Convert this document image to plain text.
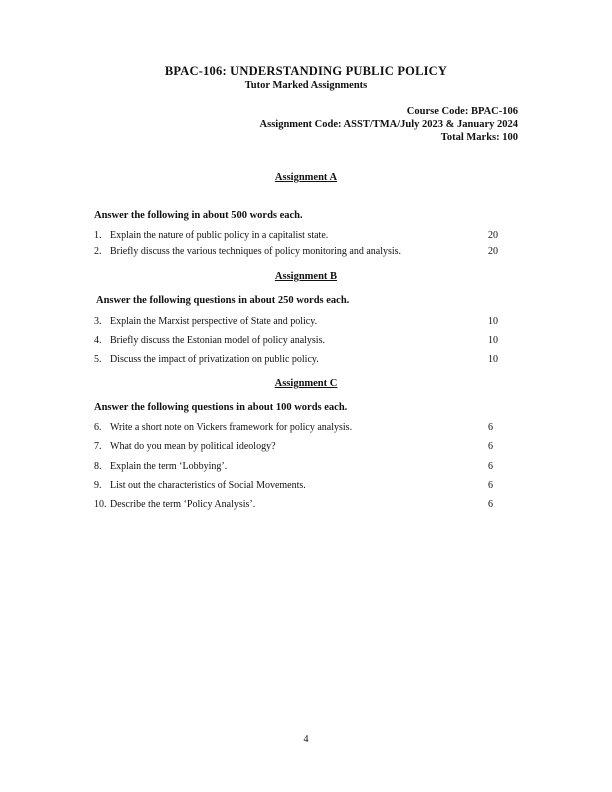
BPAC-106: UNDERSTANDING PUBLIC POLICY
Tutor Marked Assignments
Course Code: BPAC-106
Assignment Code: ASST/TMA/July 2023 & January 2024
Total Marks: 100
Assignment A
Answer the following in about 500 words each.
1. Explain the nature of public policy in a capitalist state.	20
2. Briefly discuss the various techniques of policy monitoring and analysis.	20
Assignment B
Answer the following questions in about 250 words each.
3. Explain the Marxist perspective of State and policy.	10
4. Briefly discuss the Estonian model of policy analysis.	10
5. Discuss the impact of privatization on public policy.	10
Assignment C
Answer the following questions in about 100 words each.
6. Write a short note on Vickers framework for policy analysis.	6
7. What do you mean by political ideology?	6
8. Explain the term ‘Lobbying’.	6
9. List out the characteristics of Social Movements.	6
10. Describe the term ‘Policy Analysis’.	6
4
